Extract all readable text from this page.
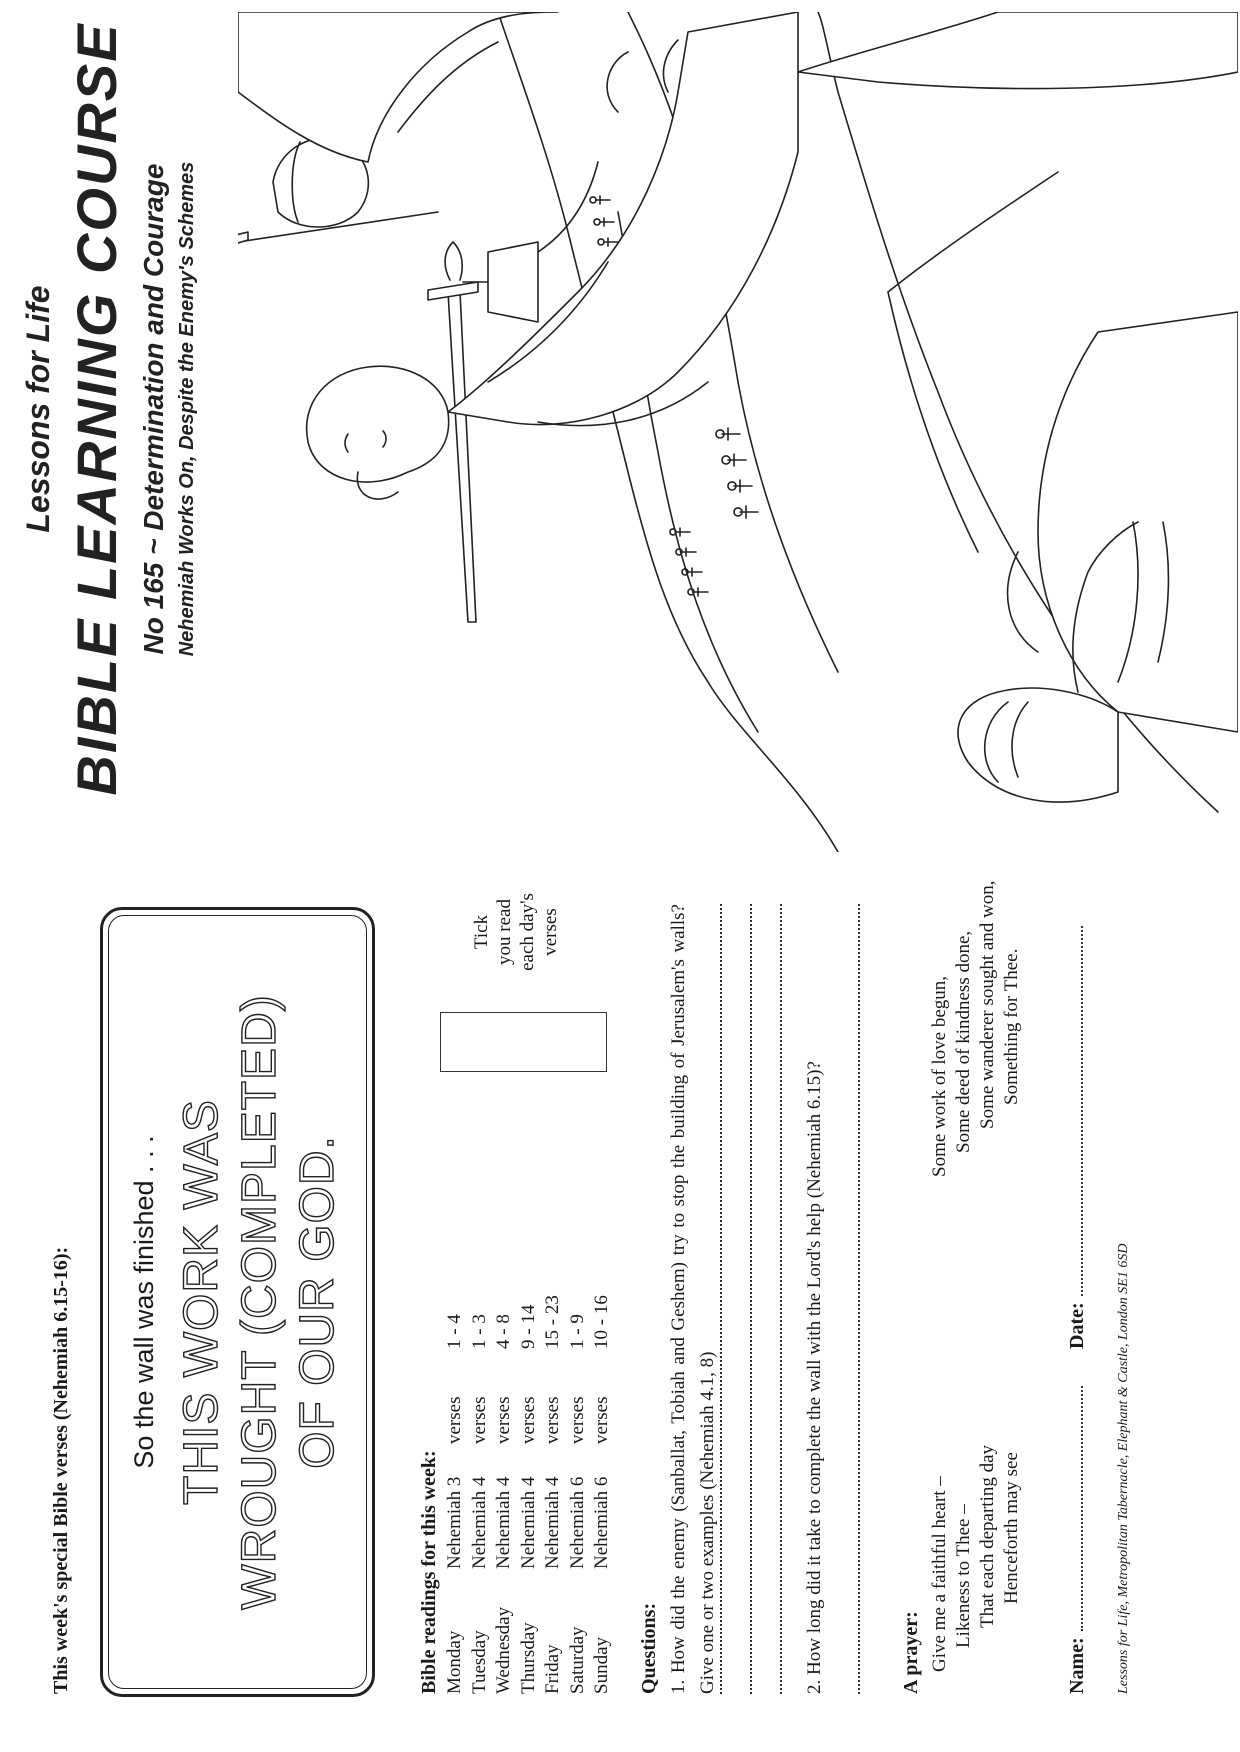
This week's special Bible verses (Nehemiah 6.15-16): So the wall was finished . . . THIS WORK WAS WROUGHT (COMPLETED) OF OUR GOD.
Bible readings for this week: Monday
Nehemiah 3
verses
1 - 4
Tuesday
Nehemiah 4
verses
1 - 3
Wednesday
Nehemiah 4
verses
4 - 8
Thursday
Nehemiah 4
verses
9 - 14
Friday
Nehemiah 4
verses
15 - 23
Saturday
Nehemiah 6
verses
1 - 9
Sunday
Nehemiah 6
verses
10 - 16
Tick you read each day's verses
Questions: 1. How did the enemy (Sanballat, Tobiah and Geshem) try to stop the building of Jerusalem's walls? Give one or two examples (Nehemiah 4.1, 8)	2. How long did it take to complete the wall with the Lord's help (Nehemiah 6.15)?	A prayer: Give me a faithful heart – Likeness to Thee – That each departing day Henceforth may see
Some work of love begun, Some deed of kindness done, Some wanderer sought and won, Something for Thee.
Name:
Date: Lessons for Life, Metropolitan Tabernacle, Elephant & Castle, London SE1 6SD
Lessons for Life BIBLE LEARNING COURSE No 165 ~ Determination and Courage Nehemiah Works On, Despite the Enemy's Schemes
